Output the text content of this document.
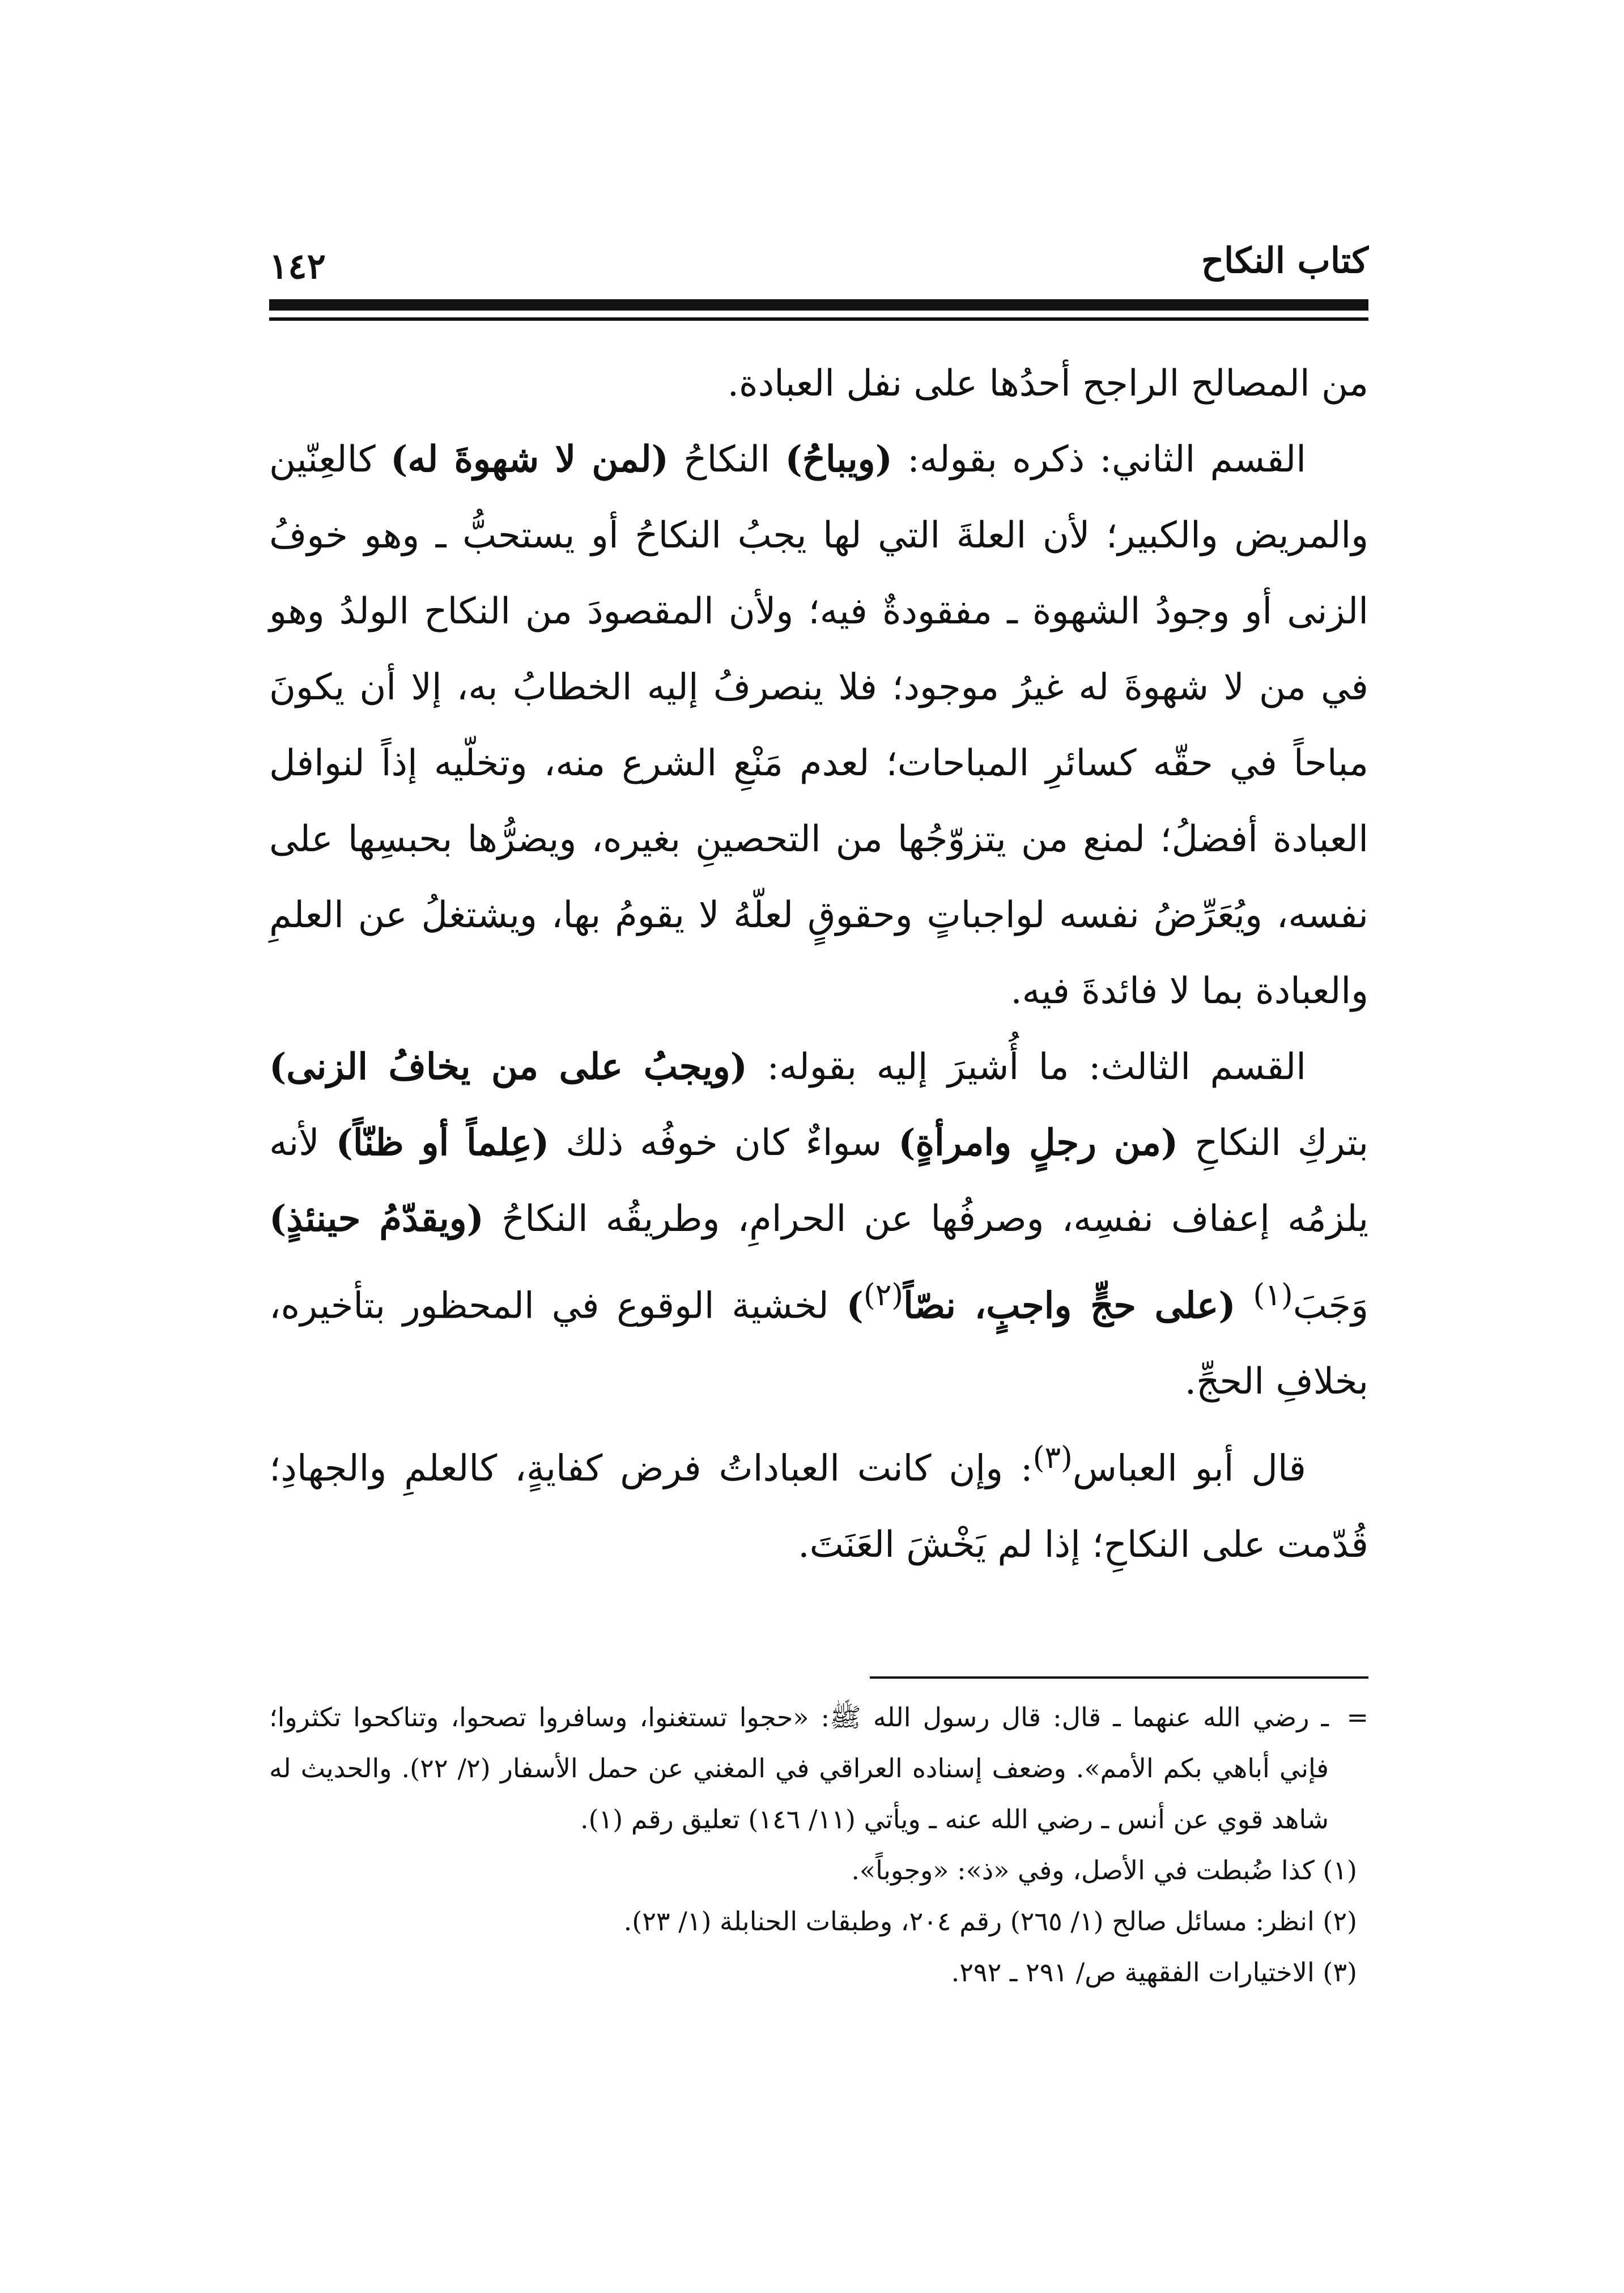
كتاب النكاح
١٤٢

من المصالح الراجح أحدُها على نفل العبادة.

القسم الثاني: ذكره بقوله: (ويباحُ) النكاحُ (لمن لا شهوةَ له) كالعِنّين والمريض والكبير؛ لأن العلةَ التي لها يجبُ النكاحُ أو يستحبُّ ـ وهو خوفُ الزنى أو وجودُ الشهوة ـ مفقودةٌ فيه؛ ولأن المقصودَ من النكاح الولدُ وهو في من لا شهوةَ له غيرُ موجود؛ فلا ينصرفُ إليه الخطابُ به، إلا أن يكونَ مباحاً في حقّه كسائرِ المباحات؛ لعدم مَنْعِ الشرع منه، وتخلّيه إذاً لنوافل العبادة أفضلُ؛ لمنع من يتزوّجُها من التحصينِ بغيره، ويضرُّها بحبسِها على نفسه، ويُعَرِّضُ نفسه لواجباتٍ وحقوقٍ لعلّهُ لا يقومُ بها، ويشتغلُ عن العلمِ والعبادة بما لا فائدةَ فيه.

القسم الثالث: ما أُشيرَ إليه بقوله: (ويجبُ على من يخافُ الزنى) بتركِ النكاحِ (من رجلٍ وامرأةٍ) سواءٌ كان خوفُه ذلك (عِلماً أو ظنّاً) لأنه يلزمُه إعفاف نفسِه، وصرفُها عن الحرامِ، وطريقُه النكاحُ (ويقدّمُ حينئذٍ) وَجَبَ$^{(١)}$ (على حجٍّ واجبٍ، نصّاً$^{(٢)}$) لخشية الوقوع في المحظور بتأخيره، بخلافِ الحجِّ.

قال أبو العباس$^{(٣)}$: وإن كانت العباداتُ فرض كفايةٍ، كالعلمِ والجهادِ؛ قُدّمت على النكاحِ؛ إذا لم يَخْشَ العَنَتَ.

=
ـ رضي الله عنهما ـ قال: قال رسول الله ﷺ: «حجوا تستغنوا، وسافروا تصحوا، وتناكحوا تكثروا؛ فإني أباهي بكم الأمم». وضعف إسناده العراقي في المغني عن حمل الأسفار (٢/ ٢٢). والحديث له شاهد قوي عن أنس ـ رضي الله عنه ـ ويأتي (١١/ ١٤٦) تعليق رقم (١).

(١) كذا ضُبطت في الأصل، وفي «ذ»: «وجوباً».

(٢) انظر: مسائل صالح (١/ ٢٦٥) رقم ٢٠٤، وطبقات الحنابلة (١/ ٢٣).

(٣) الاختيارات الفقهية ص/ ٢٩١ ـ ٢٩٢.
